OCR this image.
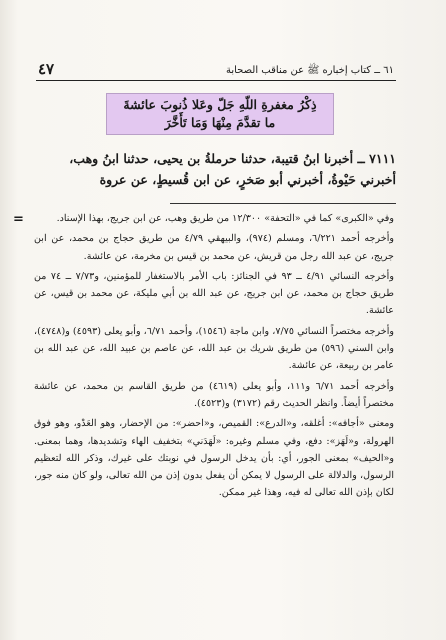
٤٧	٦١ ــ كتاب إخباره ﷺ عن مناقب الصحابة
ذِكْرُ مغفرةِ اللّهِ جَلّ وعَلا ذُنوبَ عائشةَ
ما تقدَّمَ مِنْهَا وَمَا تَأَخَّرَ
٧١١١ ــ أخبرنا ابنُ قتيبة، حدثنا حرملةُ بن يحيى، حدثنا ابنُ وهب،
أخبرني حَيْوةُ، أخبرني أبو صَخرٍ، عن ابن قُسيطٍ، عن عروة
=	وفي «الكبرى» كما في «التحفة» ١٢/٣٠٠ من طريق وهب، عن ابن جريج، بهذا الإسناد.

وأخرجه أحمد ٦/٢٢١، ومسلم (٩٧٤)، والبيهقي ٤/٧٩ من طريق حجاج بن محمد، عن ابن جريج، عن عبد الله رجل من قريش، عن محمد بن قيس بن مخرمة، عن عائشة.

وأخرجه النسائي ٤/٩١ ــ ٩٣ في الجنائز: باب الأمر بالاستغفار للمؤمنين، و٧/٧٣ ــ ٧٤ من طريق حجاج بن محمد، عن ابن جريج، عن عبد الله بن أبي مليكة، عن محمد بن قيس، عن عائشة.

وأخرجه مختصراً النسائي ٧/٧٥، وابن ماجة (١٥٤٦)، وأحمد ٦/٧١، وأبو يعلى (٤٥٩٣) و(٤٧٤٨)، وابن السني (٥٩٦) من طريق شريك بن عبد الله، عن عاصم بن عبيد الله، عن عبد الله بن عامر بن ربيعة، عن عائشة.

وأخرجه أحمد ٦/٧١ و١١١، وأبو يعلى (٤٦١٩) من طريق القاسم بن محمد، عن عائشة مختصراً أيضاً. وانظر الحديث رقم (٣١٧٢) و(٤٥٢٣).

ومعنى «أجافه»: أغلقه، و«الدرع»: القميص، و«احضر»: من الإحضار، وهو العَدْو، وهو فوق الهرولة، و«لَهَز»: دفع، وفي مسلم وغيره: «لَهَدَني» بتخفيف الهاء وتشديدها، وهما بمعنى. و«الحيف» بمعنى الجور، أي: بأن يدخل الرسول في نوبتك على غيرك، وذكر الله لتعظيم الرسول، والدلالة على الرسول لا يمكن أن يفعل بدون إذن من الله تعالى، ولو كان منه جور، لكان بإذن الله تعالى له فيه، وهذا غير ممكن.
